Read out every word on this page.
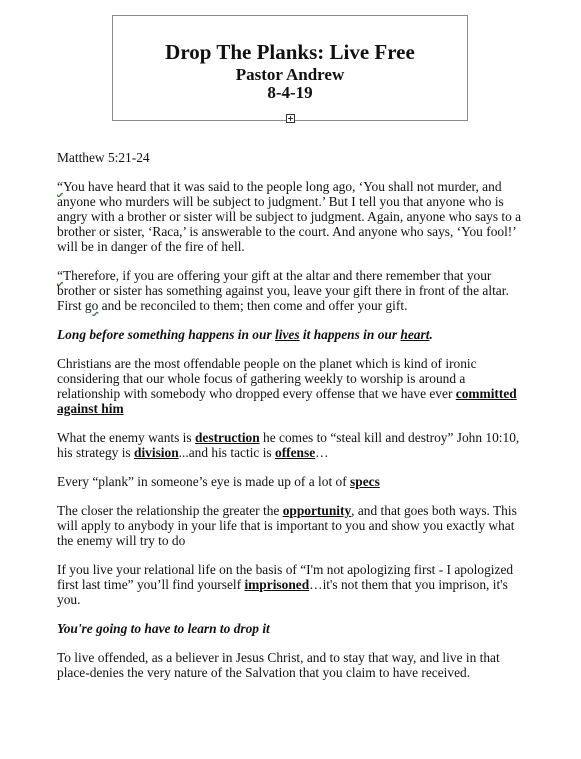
Drop The Planks: Live Free
Pastor Andrew
8-4-19

Matthew 5:21-24

“You have heard that it was said to the people long ago, ‘You shall not murder, and anyone who murders will be subject to judgment.’ But I tell you that anyone who is angry with a brother or sister will be subject to judgment. Again, anyone who says to a brother or sister, ‘Raca,’ is answerable to the court. And anyone who says, ‘You fool!’ will be in danger of the fire of hell.

“Therefore, if you are offering your gift at the altar and there remember that your brother or sister has something against you, leave your gift there in front of the altar. First go and be reconciled to them; then come and offer your gift.

Long before something happens in our lives it happens in our heart.

Christians are the most offendable people on the planet which is kind of ironic considering that our whole focus of gathering weekly to worship is around a relationship with somebody who dropped every offense that we have ever committed against him

What the enemy wants is destruction he comes to “steal kill and destroy” John 10:10, his strategy is division...and his tactic is offense…

Every “plank” in someone’s eye is made up of a lot of specs

The closer the relationship the greater the opportunity, and that goes both ways. This will apply to anybody in your life that is important to you and show you exactly what the enemy will try to do

If you live your relational life on the basis of “I'm not apologizing first - I apologized first last time” you’ll find yourself imprisoned…it's not them that you imprison, it's you.

You're going to have to learn to drop it

To live offended, as a believer in Jesus Christ, and to stay that way, and live in that place-denies the very nature of the Salvation that you claim to have received.
